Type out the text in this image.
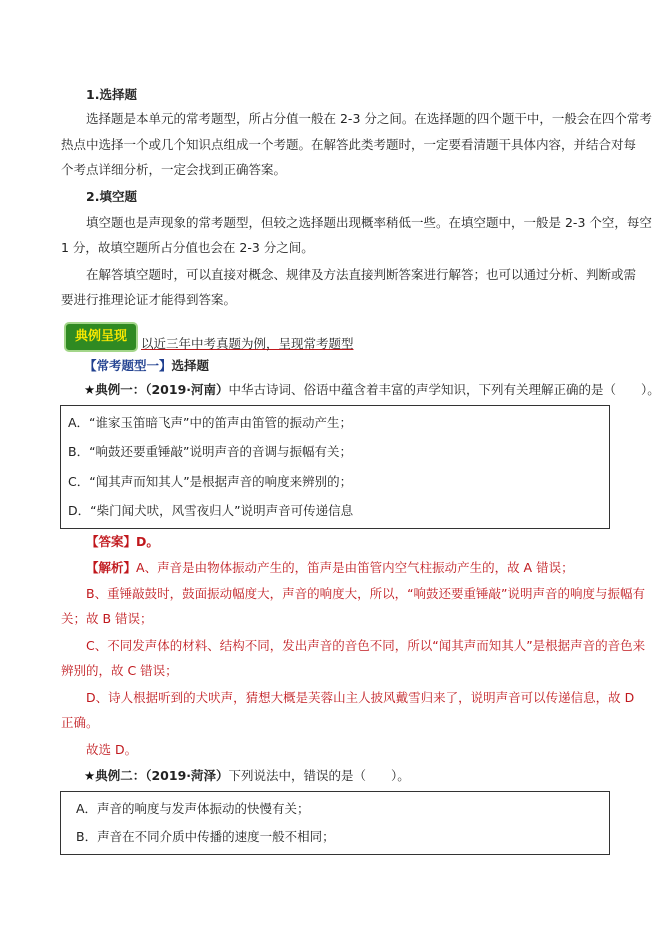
1.选择题
选择题是本单元的常考题型，所占分值一般在 2-3 分之间。在选择题的四个题干中，一般会在四个常考
热点中选择一个或几个知识点组成一个考题。在解答此类考题时，一定要看清题干具体内容，并结合对每
个考点详细分析，一定会找到正确答案。
2.填空题
填空题也是声现象的常考题型，但较之选择题出现概率稍低一些。在填空题中，一般是 2-3 个空，每空
1 分，故填空题所占分值也会在 2-3 分之间。
在解答填空题时，可以直接对概念、规律及方法直接判断答案进行解答；也可以通过分析、判断或需
要进行推理论证才能得到答案。
典例呈现	以近三年中考真题为例，呈现常考题型
【常考题型一】选择题
★典例一：（2019·河南）中华古诗词、俗语中蕴含着丰富的声学知识，下列有关理解正确的是（　　）。
A．“谁家玉笛暗飞声”中的笛声由笛管的振动产生；
B．“响鼓还要重锤敲”说明声音的音调与振幅有关；
C．“闻其声而知其人”是根据声音的响度来辨别的；
D．“柴门闻犬吠，风雪夜归人”说明声音可传递信息
【答案】D。
【解析】A、声音是由物体振动产生的，笛声是由笛管内空气柱振动产生的，故 A 错误；
B、重锤敲鼓时，鼓面振动幅度大，声音的响度大，所以，“响鼓还要重锤敲”说明声音的响度与振幅有
关；故 B 错误；
C、不同发声体的材料、结构不同，发出声音的音色不同，所以“闻其声而知其人”是根据声音的音色来
辨别的，故 C 错误；
D、诗人根据听到的犬吠声，猜想大概是芙蓉山主人披风戴雪归来了，说明声音可以传递信息，故 D
正确。
故选 D。
★典例二：（2019·菏泽）下列说法中，错误的是（　　）。
A．声音的响度与发声体振动的快慢有关；
B．声音在不同介质中传播的速度一般不相同；
